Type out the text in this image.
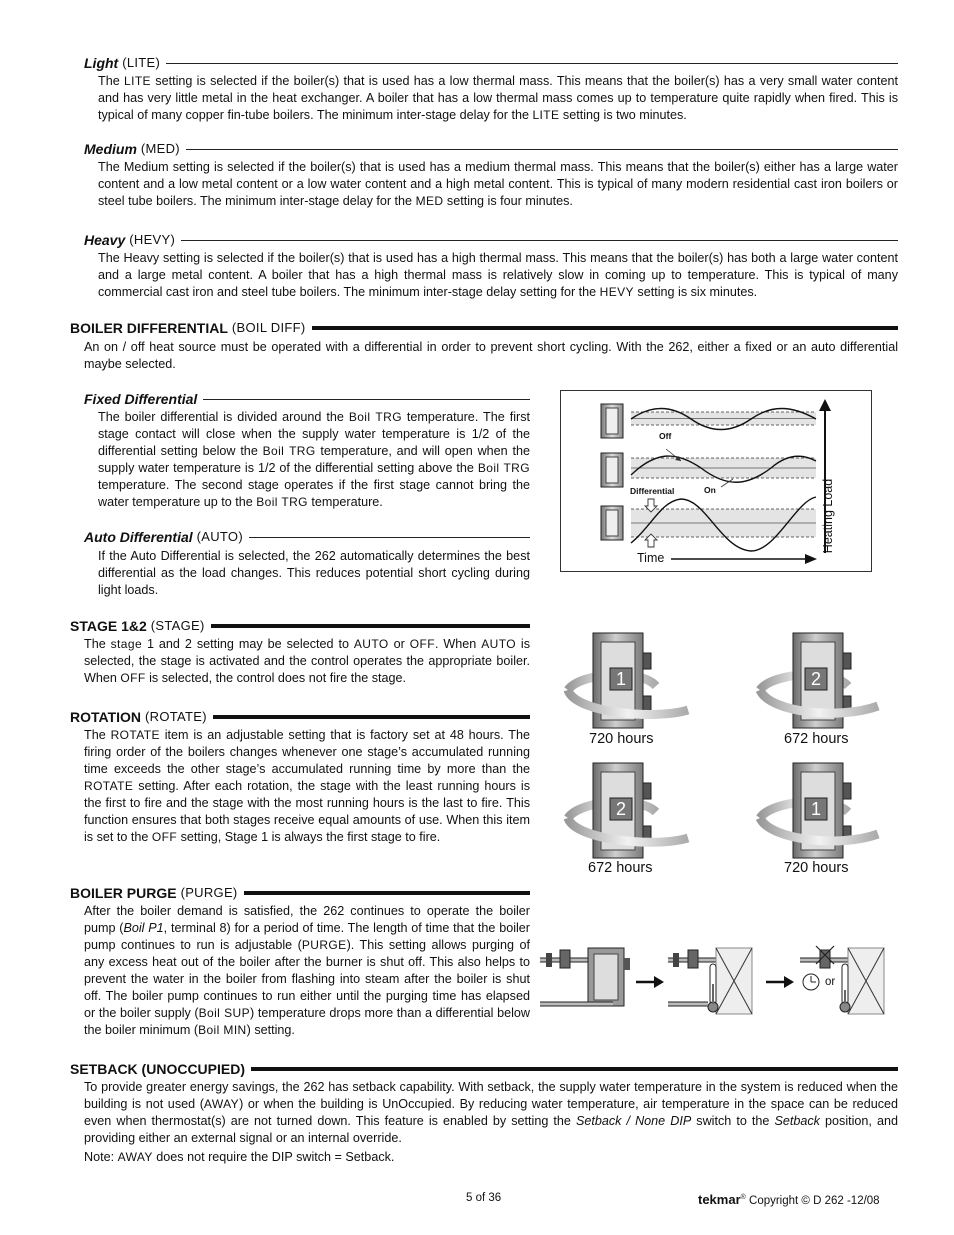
Light (LITE)

The LITE setting is selected if the boiler(s) that is used has a low thermal mass. This means that the boiler(s) has a very small water content and has very little metal in the heat exchanger. A boiler that has a low thermal mass comes up to temperature quite rapidly when fired. This is typical of many copper fin-tube boilers. The minimum inter-stage delay for the LITE setting is two minutes.

Medium (MED)

The Medium setting is selected if the boiler(s) that is used has a medium thermal mass. This means that the boiler(s) either has a large water content and a low metal content or a low water content and a high metal content. This is typical of many modern residential cast iron boilers or steel tube boilers. The minimum inter-stage delay for the MED setting is four minutes.

Heavy (HEVY)

The Heavy setting is selected if the boiler(s) that is used has a high thermal mass. This means that the boiler(s) has both a large water content and a large metal content. A boiler that has a high thermal mass is relatively slow in coming up to temperature. This is typical of many commercial cast iron and steel tube boilers. The minimum inter-stage delay setting for the HEVY setting is six minutes.

BOILER DIFFERENTIAL (BOIL DIFF)

An on / off heat source must be operated with a differential in order to prevent short cycling. With the 262, either a fixed or an auto differential maybe selected.

Fixed Differential

The boiler differential is divided around the Boil TRG temperature. The first stage contact will close when the supply water temperature is 1/2 of the differential setting below the Boil TRG temperature, and will open when the supply water temperature is 1/2 of the differential setting above the Boil TRG temperature. The second stage operates if the first stage cannot bring the water temperature up to the Boil TRG temperature.

Auto Differential (AUTO)

If the Auto Differential is selected, the 262 automatically determines the best differential as the load changes. This reduces potential short cycling during light loads.

Off
On
Differential	Heating Load
Time
STAGE 1&2 (STAGE)

The stage 1 and 2 setting may be selected to AUTO or OFF. When AUTO is selected, the stage is activated and the control operates the appropriate boiler. When OFF is selected, the control does not fire the stage.

ROTATION (ROTATE)

The ROTATE item is an adjustable setting that is factory set at 48 hours. The firing order of the boilers changes whenever one stage’s accumulated running time exceeds the other stage’s accumulated running time by more than the ROTATE setting. After each rotation, the stage with the least running hours is the first to fire and the stage with the most running hours is the last to fire. This function ensures that both stages receive equal amounts of use. When this item is set to the OFF setting, Stage 1 is always the first stage to fire.

1	2
720 hours	672 hours
2	1
672 hours	720 hours
BOILER PURGE (PURGE)

After the boiler demand is satisfied, the 262 continues to operate the boiler pump (Boil P1, terminal 8) for a period of time. The length of time that the boiler pump continues to run is adjustable (PURGE). This setting allows purging of any excess heat out of the boiler after the burner is shut off. This also helps to prevent the water in the boiler from flashing into steam after the boiler is shut off. The boiler pump continues to run either until the purging time has elapsed or the boiler supply (Boil SUP) temperature drops more than a differential below the boiler minimum (Boil MIN) setting.

or
SETBACK (UNOCCUPIED)

To provide greater energy savings, the 262 has setback capability. With setback, the supply water temperature in the system is reduced when the building is not used (AWAY) or when the building is UnOccupied. By reducing water temperature, air temperature in the space can be reduced even when thermostat(s) are not turned down. This feature is enabled by setting the Setback / None DIP switch to the Setback position, and providing either an external signal or an internal override.

Note: AWAY does not require the DIP switch = Setback.

5 of 36	tekmar® Copyright © D 262 -12/08
